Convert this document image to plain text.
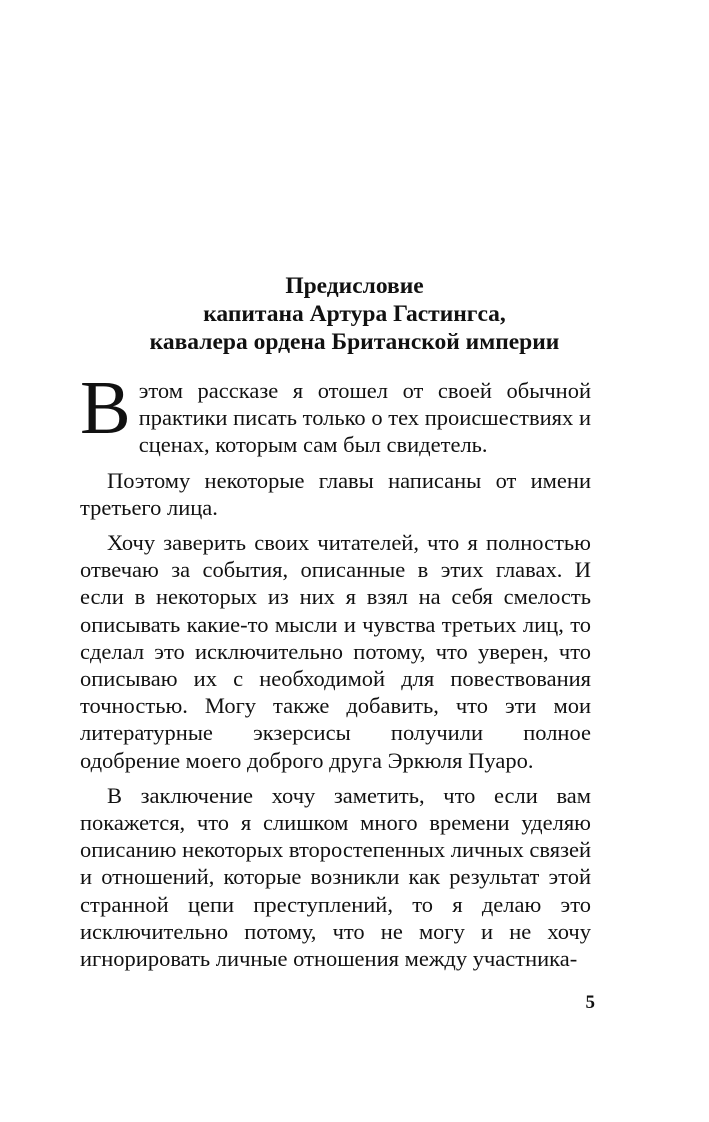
Предисловие
капитана Артура Гастингса,
кавалера ордена Британской империи

Вэтом рассказе я отошел от своей обычной практики писать только о тех происшествиях и сценах, которым сам был свидетель.

Поэтому некоторые главы написаны от имени третьего лица.

Хочу заверить своих читателей, что я полностью отвечаю за события, описанные в этих главах. И если в некоторых из них я взял на себя смелость описывать какие-то мысли и чувства третьих лиц, то сделал это исключительно потому, что уверен, что описываю их с необходимой для повествования точностью. Могу также добавить, что эти мои литературные экзерсисы получили полное одобрение моего доброго друга Эркюля Пуаро.

В заключение хочу заметить, что если вам покажется, что я слишком много времени уделяю описанию некоторых второстепенных личных связей и отношений, которые возникли как результат этой странной цепи преступлений, то я делаю это исключительно потому, что не могу и не хочу игнорировать личные отношения между участника-

5
